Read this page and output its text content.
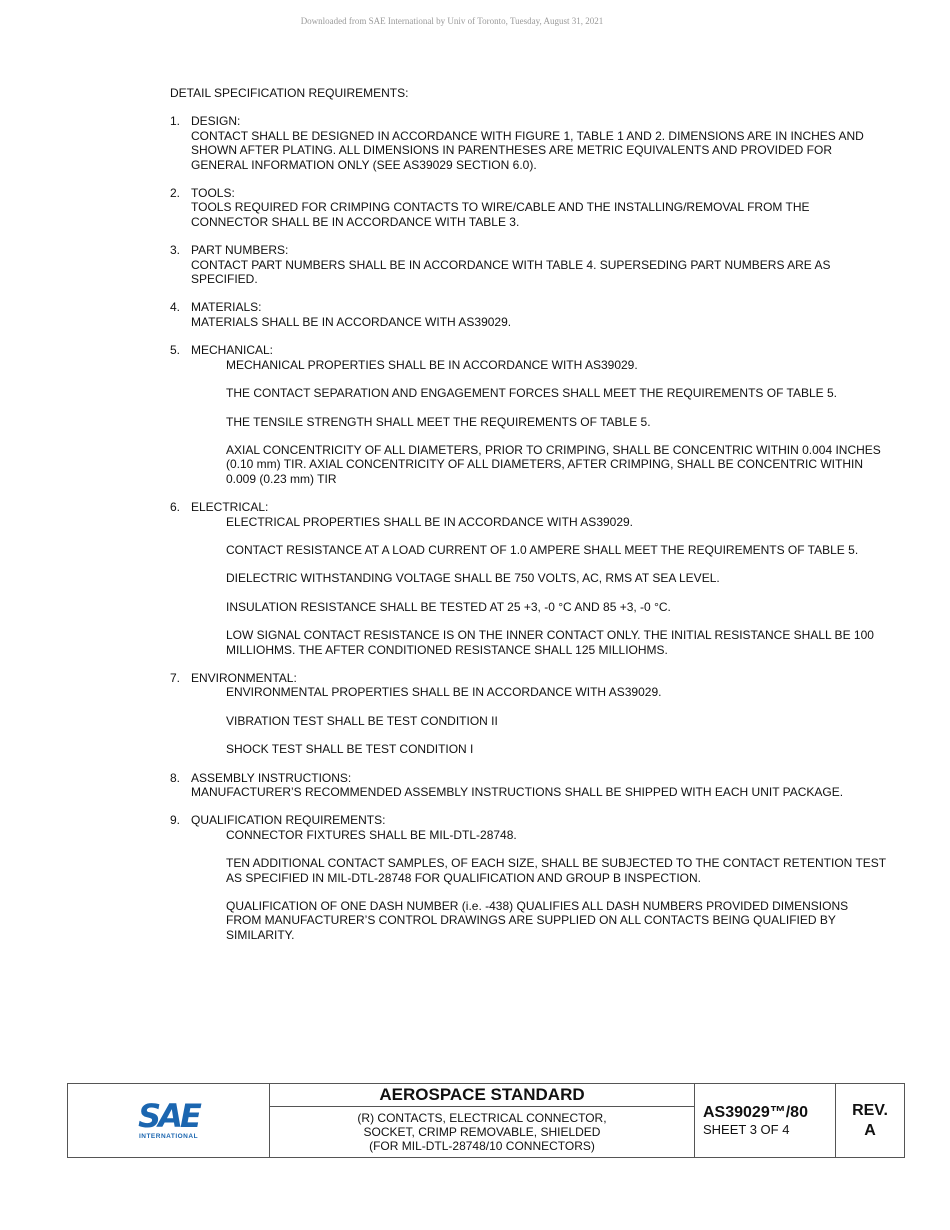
Downloaded from SAE International by Univ of Toronto, Tuesday, August 31, 2021

DETAIL SPECIFICATION REQUIREMENTS:

1. DESIGN:

CONTACT SHALL BE DESIGNED IN ACCORDANCE WITH FIGURE 1, TABLE 1 AND 2. DIMENSIONS ARE IN INCHES AND SHOWN AFTER PLATING. ALL DIMENSIONS IN PARENTHESES ARE METRIC EQUIVALENTS AND PROVIDED FOR GENERAL INFORMATION ONLY (SEE AS39029 SECTION 6.0).

2. TOOLS:

TOOLS REQUIRED FOR CRIMPING CONTACTS TO WIRE/CABLE AND THE INSTALLING/REMOVAL FROM THE CONNECTOR SHALL BE IN ACCORDANCE WITH TABLE 3.

3. PART NUMBERS:

CONTACT PART NUMBERS SHALL BE IN ACCORDANCE WITH TABLE 4. SUPERSEDING PART NUMBERS ARE AS SPECIFIED.

4. MATERIALS:

MATERIALS SHALL BE IN ACCORDANCE WITH AS39029.

5. MECHANICAL:

MECHANICAL PROPERTIES SHALL BE IN ACCORDANCE WITH AS39029.

THE CONTACT SEPARATION AND ENGAGEMENT FORCES SHALL MEET THE REQUIREMENTS OF TABLE 5.

THE TENSILE STRENGTH SHALL MEET THE REQUIREMENTS OF TABLE 5.

AXIAL CONCENTRICITY OF ALL DIAMETERS, PRIOR TO CRIMPING, SHALL BE CONCENTRIC WITHIN 0.004 INCHES (0.10 mm) TIR. AXIAL CONCENTRICITY OF ALL DIAMETERS, AFTER CRIMPING, SHALL BE CONCENTRIC WITHIN 0.009 (0.23 mm) TIR

6. ELECTRICAL:

ELECTRICAL PROPERTIES SHALL BE IN ACCORDANCE WITH AS39029.

CONTACT RESISTANCE AT A LOAD CURRENT OF 1.0 AMPERE SHALL MEET THE REQUIREMENTS OF TABLE 5.

DIELECTRIC WITHSTANDING VOLTAGE SHALL BE 750 VOLTS, AC, RMS AT SEA LEVEL.

INSULATION RESISTANCE SHALL BE TESTED AT 25 +3, -0 °C AND 85 +3, -0 °C.

LOW SIGNAL CONTACT RESISTANCE IS ON THE INNER CONTACT ONLY. THE INITIAL RESISTANCE SHALL BE 100 MILLIOHMS. THE AFTER CONDITIONED RESISTANCE SHALL 125 MILLIOHMS.

7. ENVIRONMENTAL:

ENVIRONMENTAL PROPERTIES SHALL BE IN ACCORDANCE WITH AS39029.

VIBRATION TEST SHALL BE TEST CONDITION II

SHOCK TEST SHALL BE TEST CONDITION I

8. ASSEMBLY INSTRUCTIONS:

MANUFACTURER’S RECOMMENDED ASSEMBLY INSTRUCTIONS SHALL BE SHIPPED WITH EACH UNIT PACKAGE.

9. QUALIFICATION REQUIREMENTS:

CONNECTOR FIXTURES SHALL BE MIL-DTL-28748.

TEN ADDITIONAL CONTACT SAMPLES, OF EACH SIZE, SHALL BE SUBJECTED TO THE CONTACT RETENTION TEST AS SPECIFIED IN MIL-DTL-28748 FOR QUALIFICATION AND GROUP B INSPECTION.

QUALIFICATION OF ONE DASH NUMBER (i.e. -438) QUALIFIES ALL DASH NUMBERS PROVIDED DIMENSIONS FROM MANUFACTURER’S CONTROL DRAWINGS ARE SUPPLIED ON ALL CONTACTS BEING QUALIFIED BY SIMILARITY.

SAE
INTERNATIONAL
AEROSPACE STANDARD
(R) CONTACTS, ELECTRICAL CONNECTOR,
SOCKET, CRIMP REMOVABLE, SHIELDED
(FOR MIL-DTL-28748/10 CONNECTORS)
AS39029™/80
SHEET 3 OF 4
REV.
A
